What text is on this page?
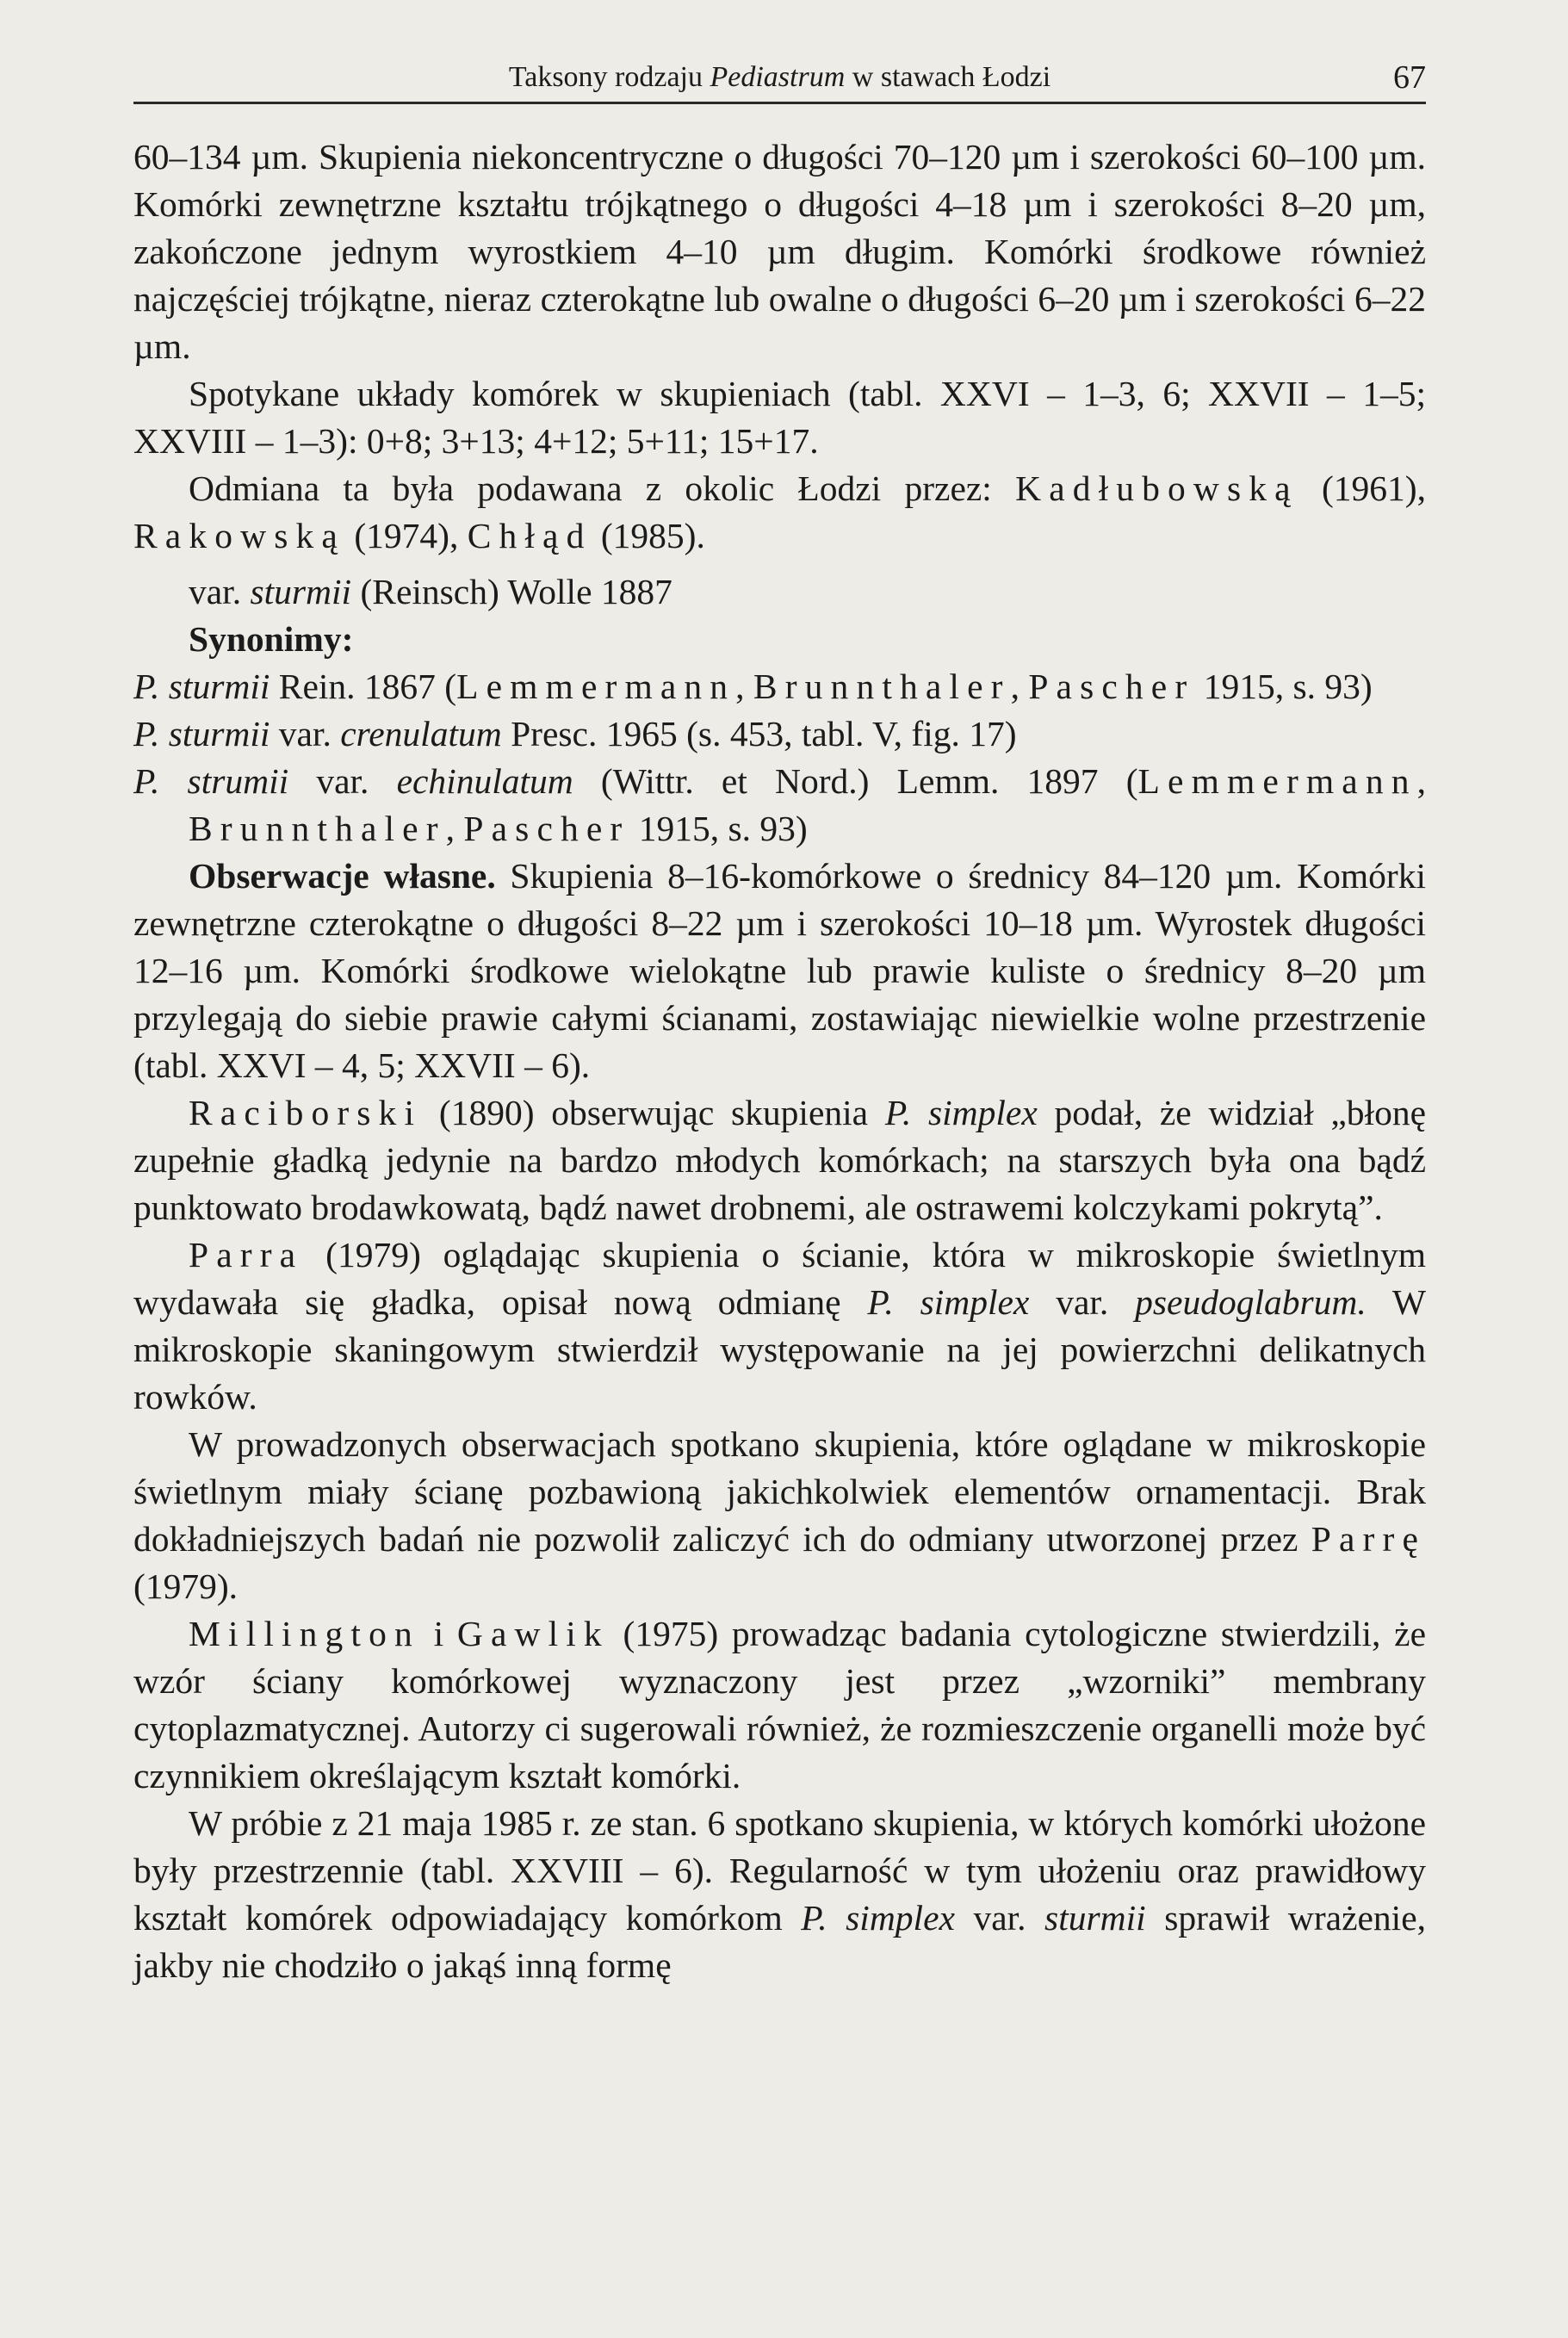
Taksony rodzaju Pediastrum w stawach Łodzi	67

60–134 µm. Skupienia niekoncentryczne o długości 70–120 µm i szerokości 60–100 µm. Komórki zewnętrzne kształtu trójkątnego o długości 4–18 µm i szerokości 8–20 µm, zakończone jednym wyrostkiem 4–10 µm długim. Komórki środkowe również najczęściej trójkątne, nieraz czterokątne lub owalne o długości 6–20 µm i szerokości 6–22 µm.

Spotykane układy komórek w skupieniach (tabl. XXVI – 1–3, 6; XXVII – 1–5; XXVIII – 1–3): 0+8; 3+13; 4+12; 5+11; 15+17.

Odmiana ta była podawana z okolic Łodzi przez: Kadłubowską (1961), Rakowską (1974), Chłąd (1985).

var. sturmii (Reinsch) Wolle 1887

Synonimy:

P. sturmii Rein. 1867 (Lemmermann, Brunnthaler, Pascher 1915, s. 93)

P. sturmii var. crenulatum Presc. 1965 (s. 453, tabl. V, fig. 17)

P. strumii var. echinulatum (Wittr. et Nord.) Lemm. 1897 (Lemmermann, Brunnthaler, Pascher 1915, s. 93)

Obserwacje własne. Skupienia 8–16-komórkowe o średnicy 84–120 µm. Komórki zewnętrzne czterokątne o długości 8–22 µm i szerokości 10–18 µm. Wyrostek długości 12–16 µm. Komórki środkowe wielokątne lub prawie kuliste o średnicy 8–20 µm przylegają do siebie prawie całymi ścianami, zostawiając niewielkie wolne przestrzenie (tabl. XXVI – 4, 5; XXVII – 6).

Raciborski (1890) obserwując skupienia P. simplex podał, że widział „błonę zupełnie gładką jedynie na bardzo młodych komórkach; na starszych była ona bądź punktowato brodawkowatą, bądź nawet drobnemi, ale ostrawemi kolczykami pokrytą”.

Parra (1979) oglądając skupienia o ścianie, która w mikroskopie świetlnym wydawała się gładka, opisał nową odmianę P. simplex var. pseudoglabrum. W mikroskopie skaningowym stwierdził występowanie na jej powierzchni delikatnych rowków.

W prowadzonych obserwacjach spotkano skupienia, które oglądane w mikroskopie świetlnym miały ścianę pozbawioną jakichkolwiek elementów ornamentacji. Brak dokładniejszych badań nie pozwolił zaliczyć ich do odmiany utworzonej przez Parrę (1979).

Millington i Gawlik (1975) prowadząc badania cytologiczne stwierdzili, że wzór ściany komórkowej wyznaczony jest przez „wzorniki” membrany cytoplazmatycznej. Autorzy ci sugerowali również, że rozmieszczenie organelli może być czynnikiem określającym kształt komórki.

W próbie z 21 maja 1985 r. ze stan. 6 spotkano skupienia, w których komórki ułożone były przestrzennie (tabl. XXVIII – 6). Regularność w tym ułożeniu oraz prawidłowy kształt komórek odpowiadający komórkom P. simplex var. sturmii sprawił wrażenie, jakby nie chodziło o jakąś inną formę
